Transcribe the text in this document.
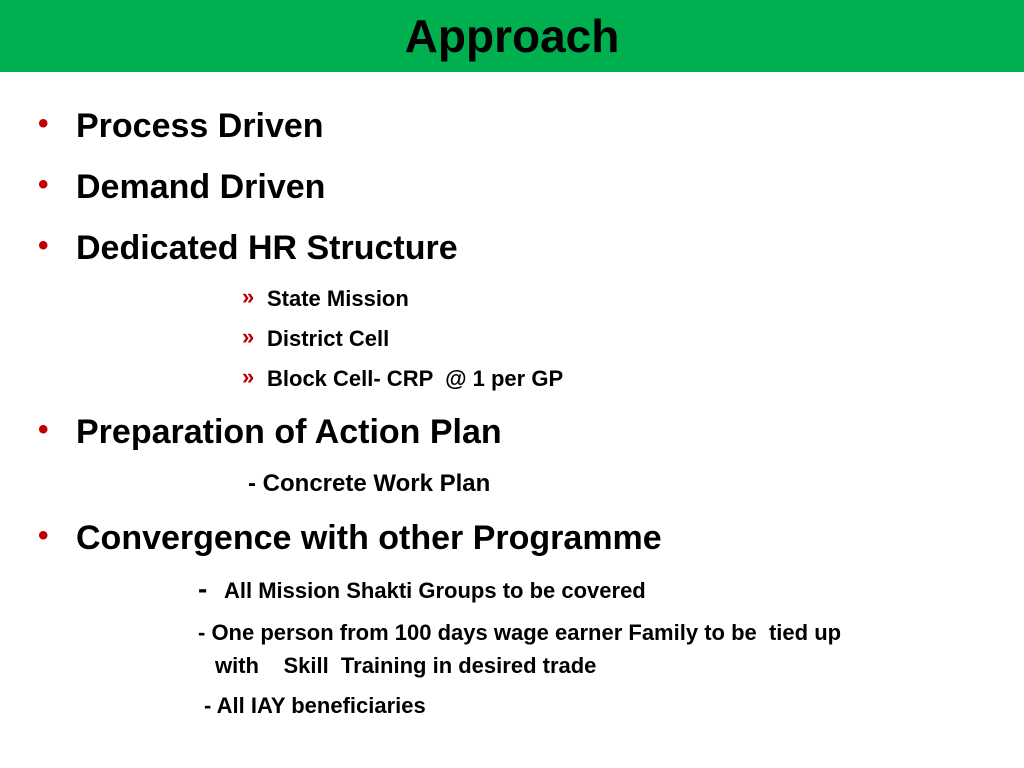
Approach
• Process Driven
• Demand Driven
• Dedicated HR Structure
» State Mission
» District Cell
» Block Cell- CRP  @ 1 per GP
• Preparation of Action Plan
- Concrete Work Plan
• Convergence with other Programme
- All Mission Shakti Groups to be covered
- One person from 100 days wage earner Family to be  tied up
with    Skill  Training in desired trade
- All IAY beneficiaries
